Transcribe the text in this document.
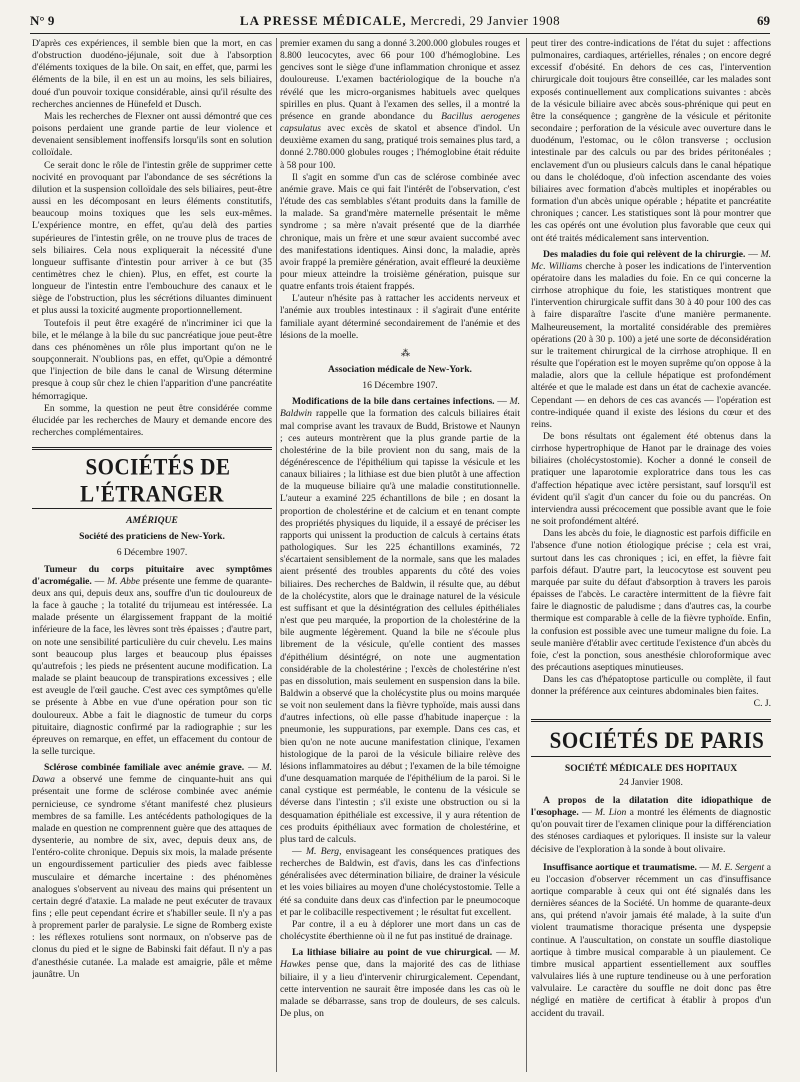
N° 9	LA PRESSE MÉDICALE, Mercredi, 29 Janvier 1908	69

D'après ces expériences, il semble bien que la mort, en cas d'obstruction duodéno-jéjunale, soit due à l'absorption d'éléments toxiques de la bile. On sait, en effet, que, parmi les éléments de la bile, il en est un au moins, les sels biliaires, doué d'un pouvoir toxique considérable, ainsi qu'il résulte des recherches anciennes de Hünefeld et Dusch.

Mais les recherches de Flexner ont aussi démontré que ces poisons perdaient une grande partie de leur violence et devenaient sensiblement inoffensifs lorsqu'ils sont en solution colloïdale.

Ce serait donc le rôle de l'intestin grêle de supprimer cette nocivité en provoquant par l'abondance de ses sécrétions la dilution et la suspension colloïdale des sels biliaires, peut-être aussi en les décomposant en leurs éléments constitutifs, beaucoup moins toxiques que les sels eux-mêmes. L'expérience montre, en effet, qu'au delà des parties supérieures de l'intestin grêle, on ne trouve plus de traces de sels biliaires. Cela nous expliquerait la nécessité d'une longueur suffisante d'intestin pour arriver à ce but (35 centimètres chez le chien). Plus, en effet, est courte la longueur de l'intestin entre l'embouchure des canaux et le siège de l'obstruction, plus les sécrétions diluantes diminuent et plus aussi la toxicité augmente proportionnellement.

Toutefois il peut être exagéré de n'incriminer ici que la bile, et le mélange à la bile du suc pancréatique joue peut-être dans ces phénomènes un rôle plus important qu'on ne le soupçonnerait. N'oublions pas, en effet, qu'Opie a démontré que l'injection de bile dans le canal de Wirsung détermine presque à coup sûr chez le chien l'apparition d'une pancréatite hémorragique.

En somme, la question ne peut être considérée comme élucidée par les recherches de Maury et demande encore des recherches complémentaires.

SOCIÉTÉS DE L'ÉTRANGER

AMÉRIQUE

Société des praticiens de New-York.

6 Décembre 1907.

Tumeur du corps pituitaire avec symptômes d'acromégalie. — M. Abbe présente une femme de quarante-deux ans qui, depuis deux ans, souffre d'un tic douloureux de la face à gauche ; la totalité du trijumeau est intéressée. La malade présente un élargissement frappant de la moitié inférieure de la face, les lèvres sont très épaisses ; d'autre part, on note une sensibilité particulière du cuir chevelu. Les mains sont beaucoup plus larges et beaucoup plus épaisses qu'autrefois ; les pieds ne présentent aucune modification. La malade se plaint beaucoup de transpirations excessives ; elle est aveugle de l'œil gauche. C'est avec ces symptômes qu'elle se présente à Abbe en vue d'une opération pour son tic douloureux. Abbe a fait le diagnostic de tumeur du corps pituitaire, diagnostic confirmé par la radiographie ; sur les épreuves on remarque, en effet, un effacement du contour de la selle turcique.

Sclérose combinée familiale avec anémie grave. — M. Dawa a observé une femme de cinquante-huit ans qui présentait une forme de sclérose combinée avec anémie pernicieuse, ce syndrome s'étant manifesté chez plusieurs membres de sa famille. Les antécédents pathologiques de la malade en question ne comprennent guère que des attaques de dysenterie, au nombre de six, avec, depuis deux ans, de l'entéro-colite chronique. Depuis six mois, la malade présente un engourdissement particulier des pieds avec faiblesse musculaire et démarche incertaine : des phénomènes analogues s'observent au niveau des mains qui présentent un certain degré d'ataxie. La malade ne peut exécuter de travaux fins ; elle peut cependant écrire et s'habiller seule. Il n'y a pas à proprement parler de paralysie. Le signe de Romberg existe : les réflexes rotuliens sont normaux, on n'observe pas de clonus du pied et le signe de Babinski fait défaut. Il n'y a pas d'anesthésie cutanée. La malade est amaigrie, pâle et même jaunâtre. Un

premier examen du sang a donné 3.200.000 globules rouges et 8.800 leucocytes, avec 66 pour 100 d'hémoglobine. Les gencives sont le siège d'une inflammation chronique et assez douloureuse. L'examen bactériologique de la bouche n'a révélé que les micro-organismes habituels avec quelques spirilles en plus. Quant à l'examen des selles, il a montré la présence en grande abondance du Bacillus aerogenes capsulatus avec excès de skatol et absence d'indol. Un deuxième examen du sang, pratiqué trois semaines plus tard, a donné 2.780.000 globules rouges ; l'hémoglobine était réduite à 58 pour 100.

Il s'agit en somme d'un cas de sclérose combinée avec anémie grave. Mais ce qui fait l'intérêt de l'observation, c'est l'étude des cas semblables s'étant produits dans la famille de la malade. Sa grand'mère maternelle présentait le même syndrome ; sa mère n'avait présenté que de la diarrhée chronique, mais un frère et une sœur avaient succombé avec des manifestations identiques. Ainsi donc, la maladie, après avoir frappé la première génération, avait effleuré la deuxième pour mieux atteindre la troisième génération, puisque sur quatre enfants trois étaient frappés.

L'auteur n'hésite pas à rattacher les accidents nerveux et l'anémie aux troubles intestinaux : il s'agirait d'une entérite familiale ayant déterminé secondairement de l'anémie et des lésions de la moelle.

⁂

Association médicale de New-York.

16 Décembre 1907.

Modifications de la bile dans certaines infections. — M. Baldwin rappelle que la formation des calculs biliaires était mal comprise avant les travaux de Budd, Bristowe et Naunyn ; ces auteurs montrèrent que la plus grande partie de la cholestérine de la bile provient non du sang, mais de la dégénérescence de l'épithélium qui tapisse la vésicule et les canaux biliaires ; la lithiase est due bien plutôt à une affection de la muqueuse biliaire qu'à une maladie constitutionnelle. L'auteur a examiné 225 échantillons de bile ; en dosant la proportion de cholestérine et de calcium et en tenant compte des propriétés physiques du liquide, il a essayé de préciser les rapports qui unissent la production de calculs à certains états pathologiques. Sur les 225 échantillons examinés, 72 s'écartaient sensiblement de la normale, sans que les malades aient présenté des troubles apparents du côté des voies biliaires. Des recherches de Baldwin, il résulte que, au début de la cholécystite, alors que le drainage naturel de la vésicule est suffisant et que la désintégration des cellules épithéliales n'est que peu marquée, la proportion de la cholestérine de la bile augmente légèrement. Quand la bile ne s'écoule plus librement de la vésicule, qu'elle contient des masses d'épithélium désintégré, on note une augmentation considérable de la cholestérine ; l'excès de cholestérine n'est pas en dissolution, mais seulement en suspension dans la bile. Baldwin a observé que la cholécystite plus ou moins marquée se voit non seulement dans la fièvre typhoïde, mais aussi dans d'autres infections, où elle passe d'habitude inaperçue : la pneumonie, les suppurations, par exemple. Dans ces cas, et bien qu'on ne note aucune manifestation clinique, l'examen histologique de la paroi de la vésicule biliaire relève des lésions inflammatoires au début ; l'examen de la bile témoigne d'une desquamation marquée de l'épithélium de la paroi. Si le canal cystique est perméable, le contenu de la vésicule se déverse dans l'intestin ; s'il existe une obstruction ou si la desquamation épithéliale est excessive, il y aura rétention de ces produits épithéliaux avec formation de cholestérine, et plus tard de calculs.

— M. Berg, envisageant les conséquences pratiques des recherches de Baldwin, est d'avis, dans les cas d'infections généralisées avec détermination biliaire, de drainer la vésicule et les voies biliaires au moyen d'une cholécystostomie. Telle a été sa conduite dans deux cas d'infection par le pneumocoque et par le colibacille respectivement ; le résultat fut excellent.

Par contre, il a eu à déplorer une mort dans un cas de cholécystite éberthienne où il ne fut pas institué de drainage.

La lithiase biliaire au point de vue chirurgical. — M. Hawkes pense que, dans la majorité des cas de lithiase biliaire, il y a lieu d'intervenir chirurgicalement. Cependant, cette intervention ne saurait être imposée dans les cas où le malade se débarrasse, sans trop de douleurs, de ses calculs. De plus, on

peut tirer des contre-indications de l'état du sujet : affections pulmonaires, cardiaques, artérielles, rénales ; on encore degré excessif d'obésité. En dehors de ces cas, l'intervention chirurgicale doit toujours être conseillée, car les malades sont exposés continuellement aux complications suivantes : abcès de la vésicule biliaire avec abcès sous-phrénique qui peut en être la conséquence ; gangrène de la vésicule et péritonite secondaire ; perforation de la vésicule avec ouverture dans le duodénum, l'estomac, ou le côlon transverse ; occlusion intestinale par des calculs ou par des brides péritonéales ; enclavement d'un ou plusieurs calculs dans le canal hépatique ou dans le cholédoque, d'où infection ascendante des voies biliaires avec formation d'abcès multiples et inopérables ou formation d'un abcès unique opérable ; hépatite et pancréatite chroniques ; cancer. Les statistiques sont là pour montrer que les cas opérés ont une évolution plus favorable que ceux qui ont été traités médicalement sans intervention.

Des maladies du foie qui relèvent de la chirurgie. — M. Mc. Williams cherche à poser les indications de l'intervention opératoire dans les maladies du foie. En ce qui concerne la cirrhose atrophique du foie, les statistiques montrent que l'intervention chirurgicale suffit dans 30 à 40 pour 100 des cas à faire disparaître l'ascite d'une manière permanente. Malheureusement, la mortalité considérable des premières opérations (20 à 30 p. 100) a jeté une sorte de déconsidération sur le traitement chirurgical de la cirrhose atrophique. Il en résulte que l'opération est le moyen suprême qu'on oppose à la maladie, alors que la cellule hépatique est profondément altérée et que le malade est dans un état de cachexie avancée. Cependant — en dehors de ces cas avancés — l'opération est contre-indiquée quand il existe des lésions du cœur et des reins.

De bons résultats ont également été obtenus dans la cirrhose hypertrophique de Hanot par le drainage des voies biliaires (cholécystostomie). Kocher a donné le conseil de pratiquer une laparotomie exploratrice dans tous les cas d'affection hépatique avec ictère persistant, sauf lorsqu'il est évident qu'il s'agit d'un cancer du foie ou du pancréas. On interviendra aussi précocement que possible avant que le foie ne soit profondément altéré.

Dans les abcès du foie, le diagnostic est parfois difficile en l'absence d'une notion étiologique précise ; cela est vrai, surtout dans les cas chroniques ; ici, en effet, la fièvre fait parfois défaut. D'autre part, la leucocytose est souvent peu marquée par suite du défaut d'absorption à travers les parois épaisses de l'abcès. Le caractère intermittent de la fièvre fait faire le diagnostic de paludisme ; dans d'autres cas, la courbe thermique est comparable à celle de la fièvre typhoïde. Enfin, la confusion est possible avec une tumeur maligne du foie. La seule manière d'établir avec certitude l'existence d'un abcès du foie, c'est la ponction, sous anesthésie chloroformique avec des précautions aseptiques minutieuses.

Dans les cas d'hépatoptose particulle ou complète, il faut donner la préférence aux ceintures abdominales bien faites.

C. J.

SOCIÉTÉS DE PARIS

SOCIÉTÉ MÉDICALE DES HOPITAUX

24 Janvier 1908.

A propos de la dilatation dite idiopathique de l'œsophage. — M. Lion a montré les éléments de diagnostic qu'on pouvait tirer de l'examen clinique pour la différenciation des sténoses cardiaques et pyloriques. Il insiste sur la valeur décisive de l'exploration à la sonde à bout olivaire.

Insuffisance aortique et traumatisme. — M. E. Sergent a eu l'occasion d'observer récemment un cas d'insuffisance aortique comparable à ceux qui ont été signalés dans les dernières séances de la Société. Un homme de quarante-deux ans, qui prétend n'avoir jamais été malade, à la suite d'un violent traumatisme thoracique présenta une dyspepsie continue. A l'auscultation, on constate un souffle diastolique aortique à timbre musical comparable à un piaulement. Ce timbre musical appartient essentiellement aux souffles valvulaires liés à une rupture tendineuse ou à une perforation valvulaire. Le caractère du souffle ne doit donc pas être négligé en matière de certificat à établir à propos d'un accident du travail.
